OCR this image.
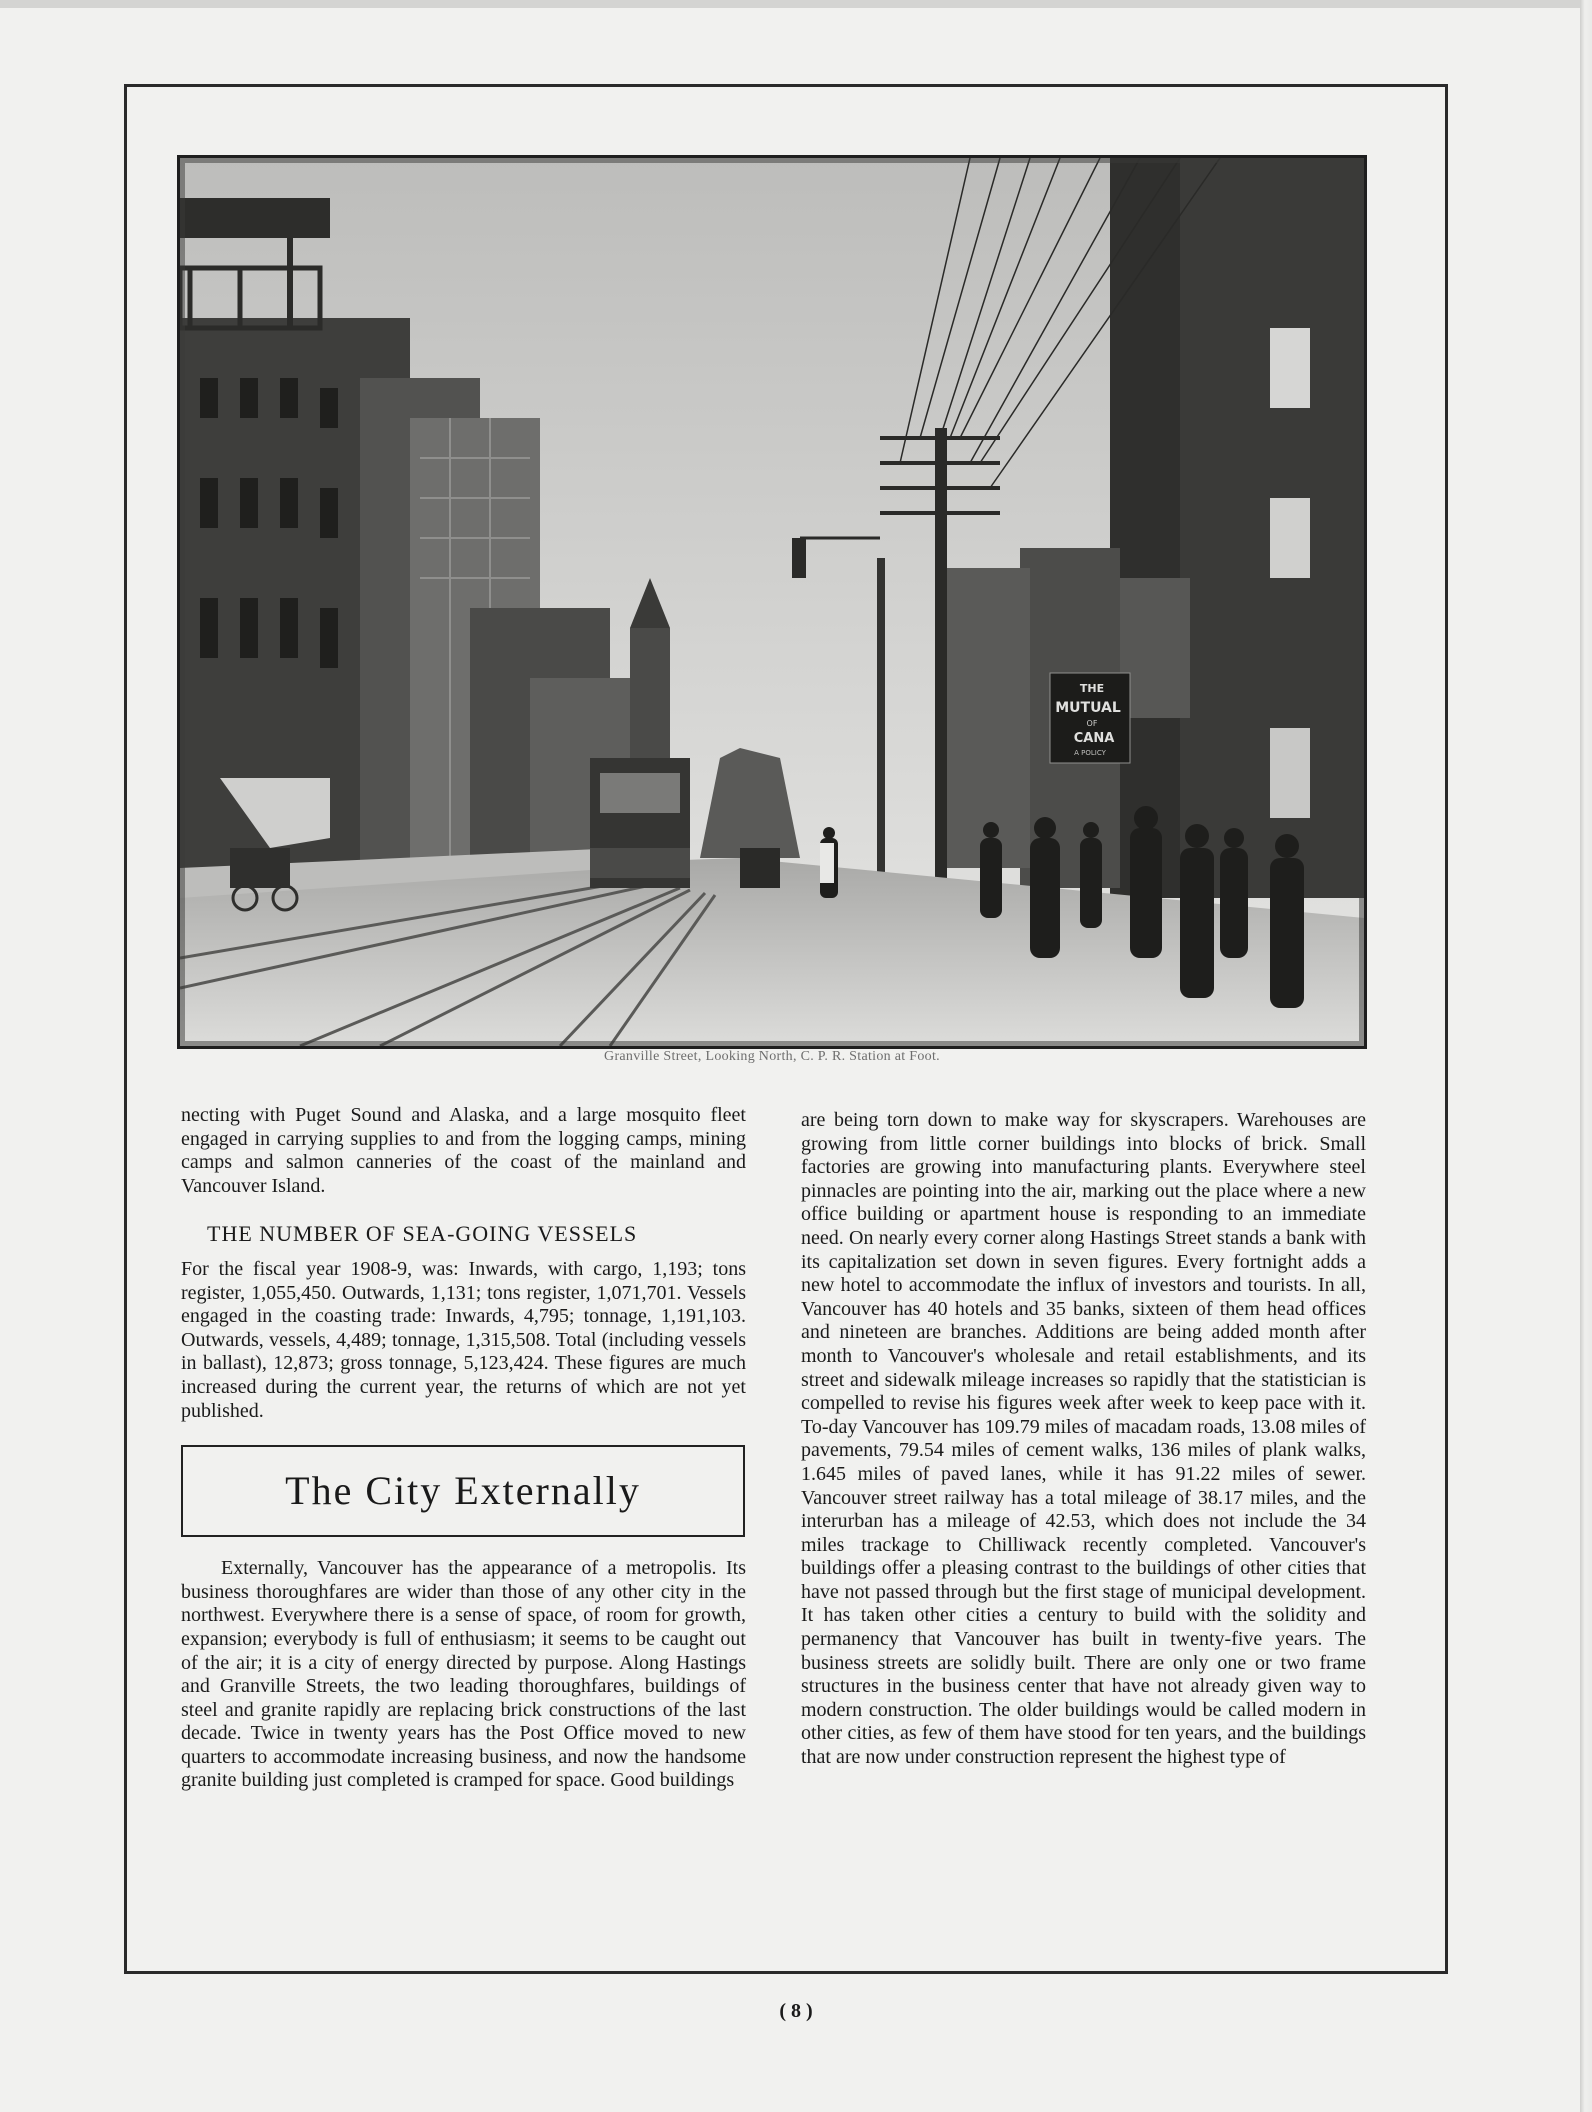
THE
MUTUAL
OF
CANA
A POLICY
Granville Street, Looking North, C. P. R. Station at Foot.

necting with Puget Sound and Alaska, and a large mosquito fleet engaged in carrying supplies to and from the logging camps, mining camps and salmon canneries of the coast of the mainland and Vancouver Island.

THE NUMBER OF SEA-GOING VESSELS

For the fiscal year 1908-9, was: Inwards, with cargo, 1,193; tons register, 1,055,450. Outwards, 1,131; tons register, 1,071,701. Vessels engaged in the coasting trade: Inwards, 4,795; tonnage, 1,191,103. Outwards, vessels, 4,489; tonnage, 1,315,508. Total (including vessels in ballast), 12,873; gross tonnage, 5,123,424. These figures are much increased during the current year, the returns of which are not yet published.

The City Externally

Externally, Vancouver has the appearance of a metropolis. Its business thoroughfares are wider than those of any other city in the northwest. Everywhere there is a sense of space, of room for growth, expansion; everybody is full of enthusiasm; it seems to be caught out of the air; it is a city of energy directed by purpose. Along Hastings and Granville Streets, the two leading thoroughfares, buildings of steel and granite rapidly are replacing brick constructions of the last decade. Twice in twenty years has the Post Office moved to new quarters to accommodate increasing business, and now the handsome granite building just completed is cramped for space. Good buildings

are being torn down to make way for skyscrapers. Warehouses are growing from little corner buildings into blocks of brick. Small factories are growing into manufacturing plants. Everywhere steel pinnacles are pointing into the air, marking out the place where a new office building or apartment house is responding to an immediate need. On nearly every corner along Hastings Street stands a bank with its capitalization set down in seven figures. Every fortnight adds a new hotel to accommodate the influx of investors and tourists. In all, Vancouver has 40 hotels and 35 banks, sixteen of them head offices and nineteen are branches. Additions are being added month after month to Vancouver's wholesale and retail establishments, and its street and sidewalk mileage increases so rapidly that the statistician is compelled to revise his figures week after week to keep pace with it. To-day Vancouver has 109.79 miles of macadam roads, 13.08 miles of pavements, 79.54 miles of cement walks, 136 miles of plank walks, 1.645 miles of paved lanes, while it has 91.22 miles of sewer. Vancouver street railway has a total mileage of 38.17 miles, and the interurban has a mileage of 42.53, which does not include the 34 miles trackage to Chilliwack recently completed. Vancouver's buildings offer a pleasing contrast to the buildings of other cities that have not passed through but the first stage of municipal development. It has taken other cities a century to build with the solidity and permanency that Vancouver has built in twenty-five years. The business streets are solidly built. There are only one or two frame structures in the business center that have not already given way to modern construction. The older buildings would be called modern in other cities, as few of them have stood for ten years, and the buildings that are now under construction represent the highest type of

( 8 )
